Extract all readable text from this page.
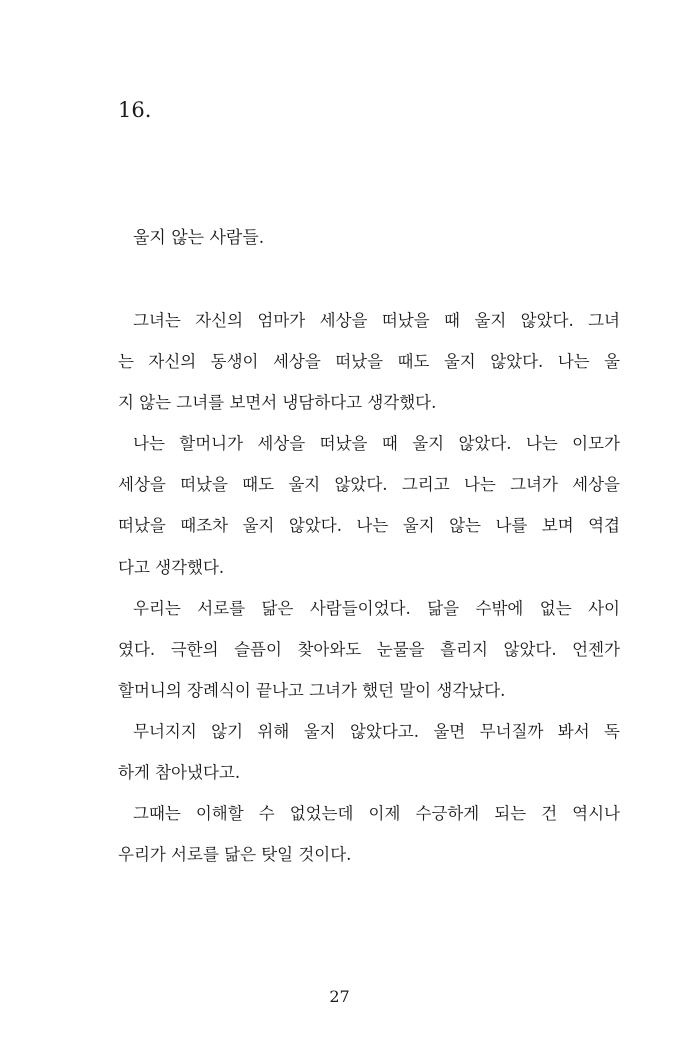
16.

울지 않는 사람들.

그녀는 자신의 엄마가 세상을 떠났을 때 울지 않았다. 그녀
는 자신의 동생이 세상을 떠났을 때도 울지 않았다. 나는 울
지 않는 그녀를 보면서 냉담하다고 생각했다.
나는 할머니가 세상을 떠났을 때 울지 않았다. 나는 이모가
세상을 떠났을 때도 울지 않았다. 그리고 나는 그녀가 세상을
떠났을 때조차 울지 않았다. 나는 울지 않는 나를 보며 역겹
다고 생각했다.
우리는 서로를 닮은 사람들이었다. 닮을 수밖에 없는 사이
였다. 극한의 슬픔이 찾아와도 눈물을 흘리지 않았다. 언젠가
할머니의 장례식이 끝나고 그녀가 했던 말이 생각났다.
무너지지 않기 위해 울지 않았다고. 울면 무너질까 봐서 독
하게 참아냈다고.
그때는 이해할 수 없었는데 이제 수긍하게 되는 건 역시나
우리가 서로를 닮은 탓일 것이다.

27
